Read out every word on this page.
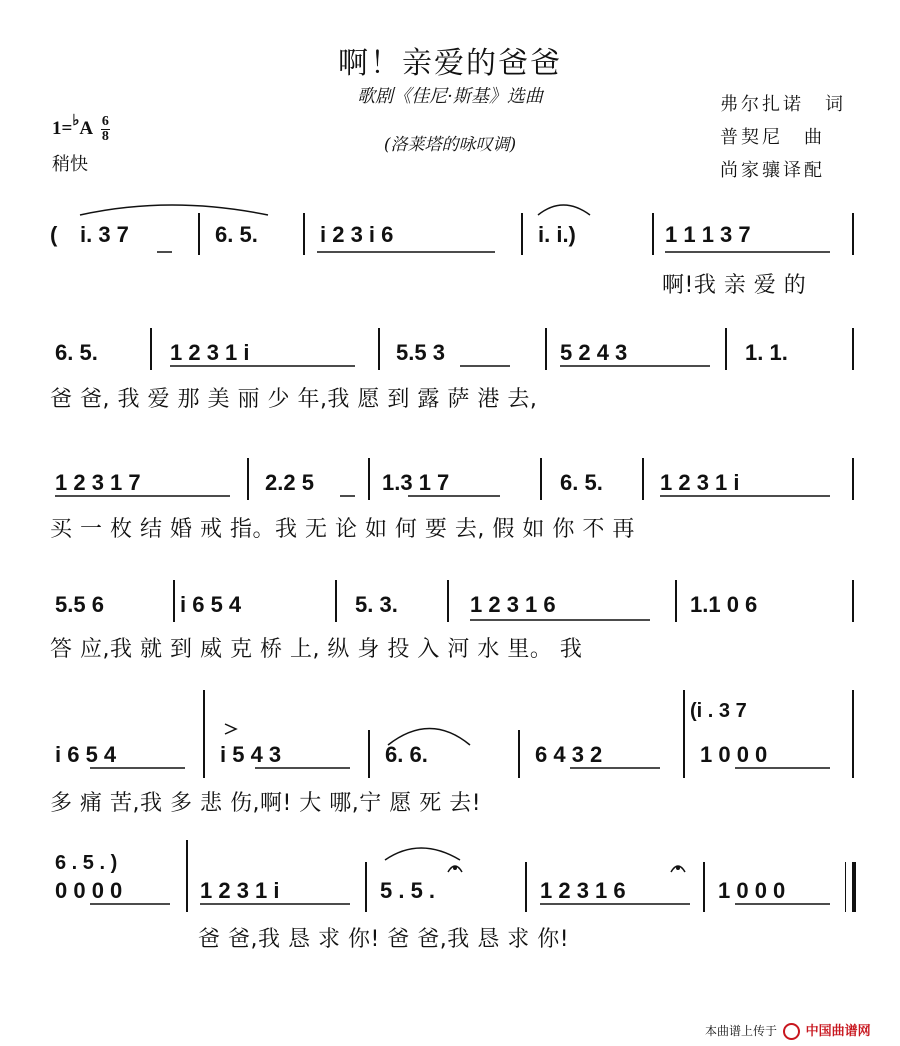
啊！亲爱的爸爸
歌剧《佳尼·斯基》选曲
(洛莱塔的咏叹调)
$1=^♭A \frac{6}{8}$
稍快
弗尔扎诺　词
普契尼　曲
尚家骧译配
( i. 3 7	6. 5.	i 2 3 i 6	i. i.)	1 1 1 3 7
啊!我 亲 爱 的
6. 5.	1 2 3 1 i	5.5 3	5 2 4 3	1. 1.
爸 爸, 我 爱 那 美 丽 少 年,我 愿 到 露 萨 港 去,
1 2 3 1 7	2.2 5	1.3 1 7	6. 5.	1 2 3 1 i
买 一 枚 结 婚 戒 指。我 无 论 如 何 要 去, 假 如 你 不 再
5.5 6	i 6 5 4	5. 3.	1 2 3 1 6	1.1 0 6
答 应,我 就 到 威 克 桥 上, 纵 身 投 入 河 水 里。 我
(i . 3 7
i 6 5 4	i 5 4 3	6. 6.	6 4 3 2	1 0 0 0
多 痛 苦,我 多 悲 伤,啊! 大 哪,宁 愿 死 去!
6 . 5 . )
0 0 0 0	1 2 3 1 i	5 . 5 .	1 2 3 1 6	1 0 0 0
爸 爸,我 恳 求 你! 爸 爸,我 恳 求 你!
本曲谱上传于 中国曲谱网
